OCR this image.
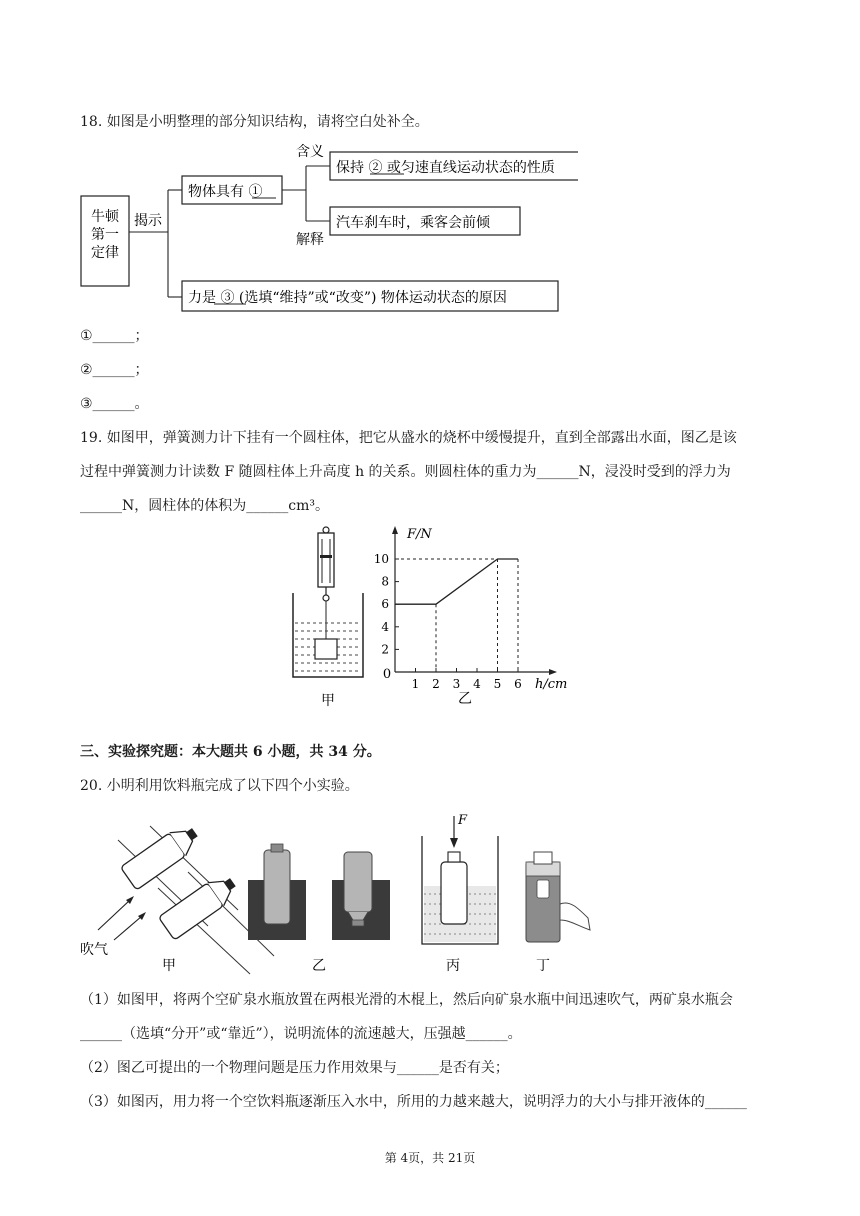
18. 如图是小明整理的部分知识结构，请将空白处补全。
牛顿
第一
定律
揭示
物体具有 ①
含义
解释
保持 ② 或匀速直线运动状态的性质
汽车刹车时，乘客会前倾
力是 ③ (选填“维持”或“改变”) 物体运动状态的原因
①______；
②______；
③______。
19. 如图甲，弹簧测力计下挂有一个圆柱体，把它从盛水的烧杯中缓慢提升，直到全部露出水面，图乙是该
过程中弹簧测力计读数 F 随圆柱体上升高度 h 的关系。则圆柱体的重力为______N，浸没时受到的浮力为
______N，圆柱体的体积为______cm³。
甲
0
F/N
h/cm
1 2 3 4 5 6
2
4
6
8
10
乙
三、实验探究题：本大题共 6 小题，共 34 分。
20. 小明利用饮料瓶完成了以下四个小实验。
吹气
甲	乙
F
丙	丁
（1）如图甲，将两个空矿泉水瓶放置在两根光滑的木棍上，然后向矿泉水瓶中间迅速吹气，两矿泉水瓶会
______（选填“分开”或“靠近”），说明流体的流速越大，压强越______。
（2）图乙可提出的一个物理问题是压力作用效果与______是否有关；
（3）如图丙，用力将一个空饮料瓶逐渐压入水中，所用的力越来越大，说明浮力的大小与排开液体的______
第 4页，共 21页
